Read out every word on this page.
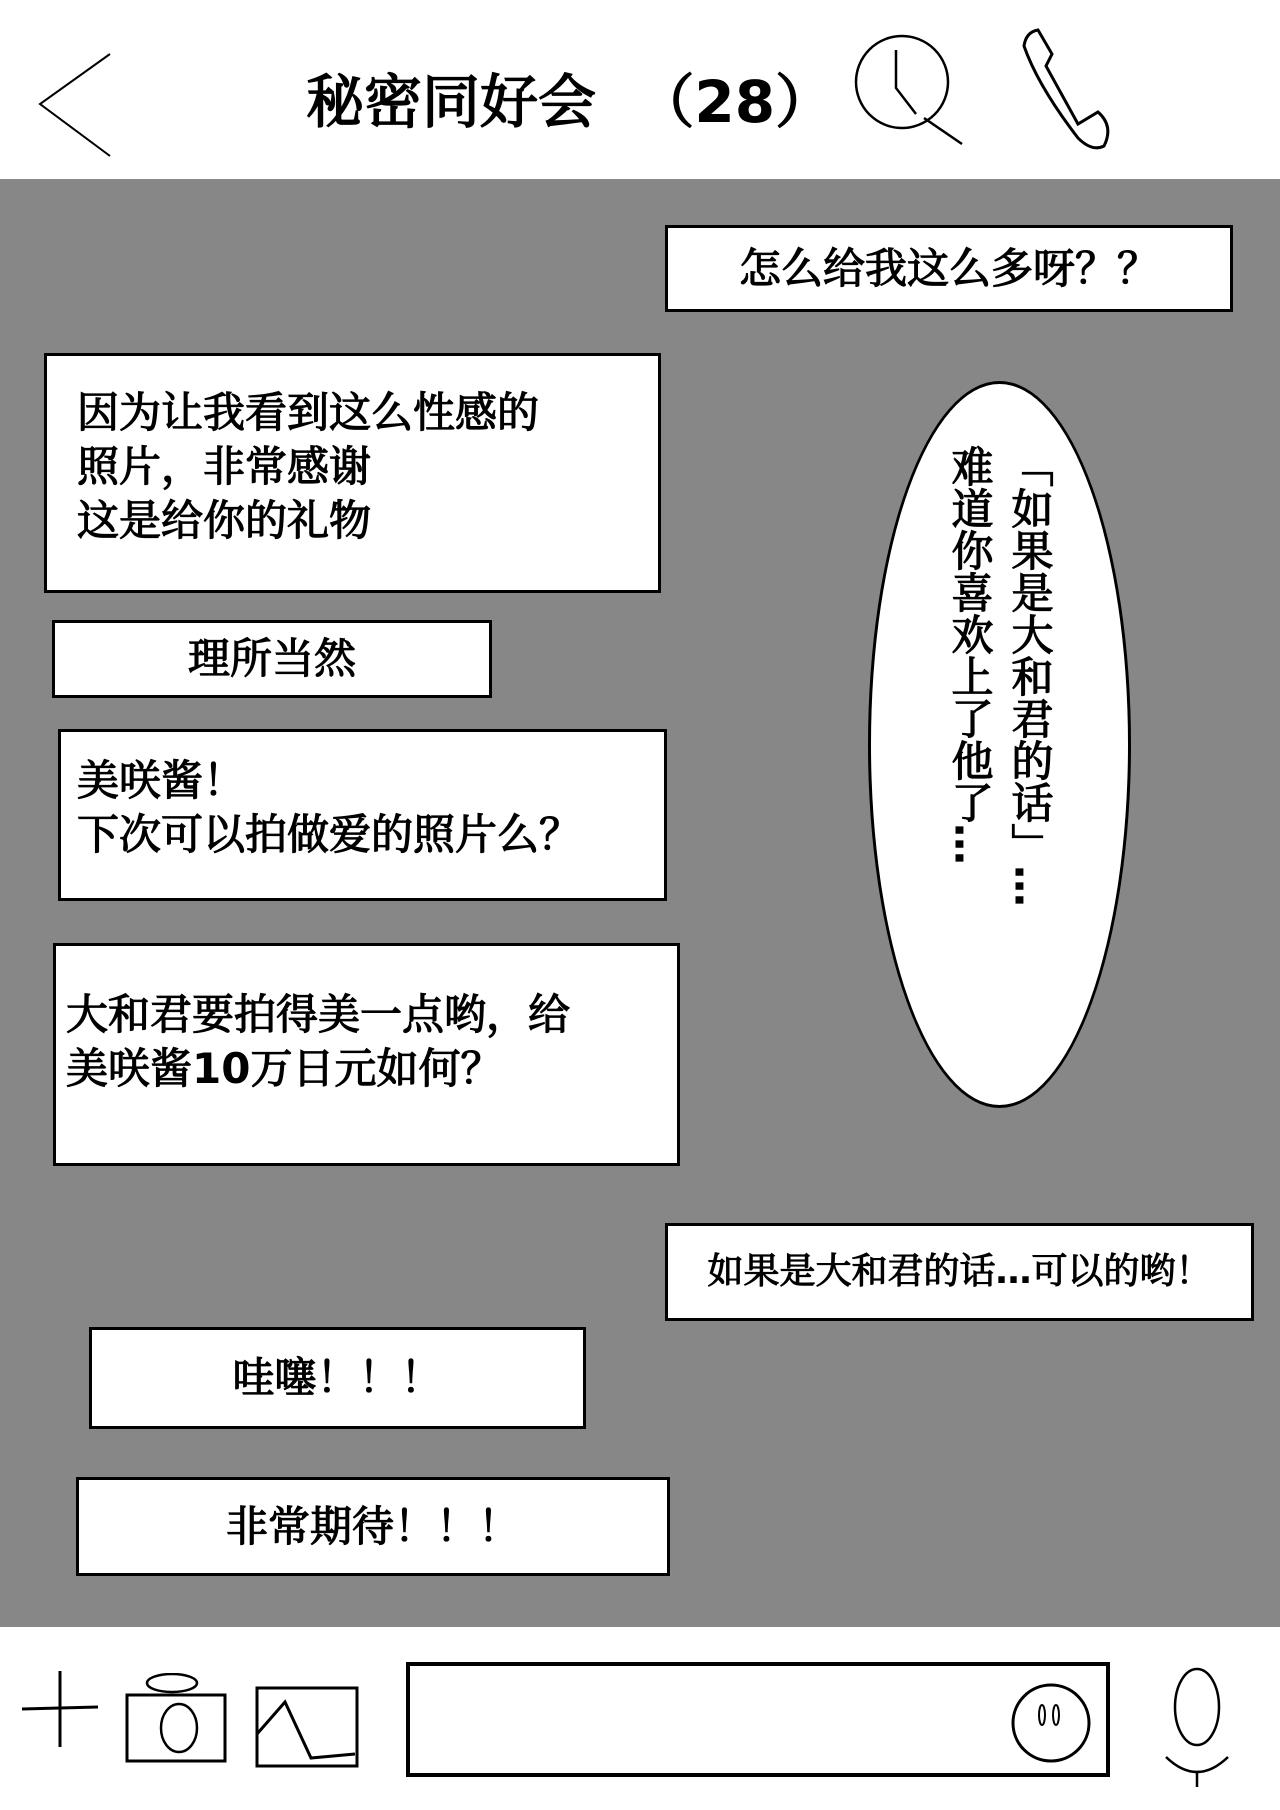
秘密同好会 （28）
怎么给我这么多呀？？
因为让我看到这么性感的
照片，非常感谢
这是给你的礼物
理所当然
美咲酱！
下次可以拍做爱的照片么？
大和君要拍得美一点哟，给
美咲酱10万日元如何？
「如果是大和君的话」…
难道你喜欢上了他了…
如果是大和君的话…可以的哟！
哇噻！！！
非常期待！！！
